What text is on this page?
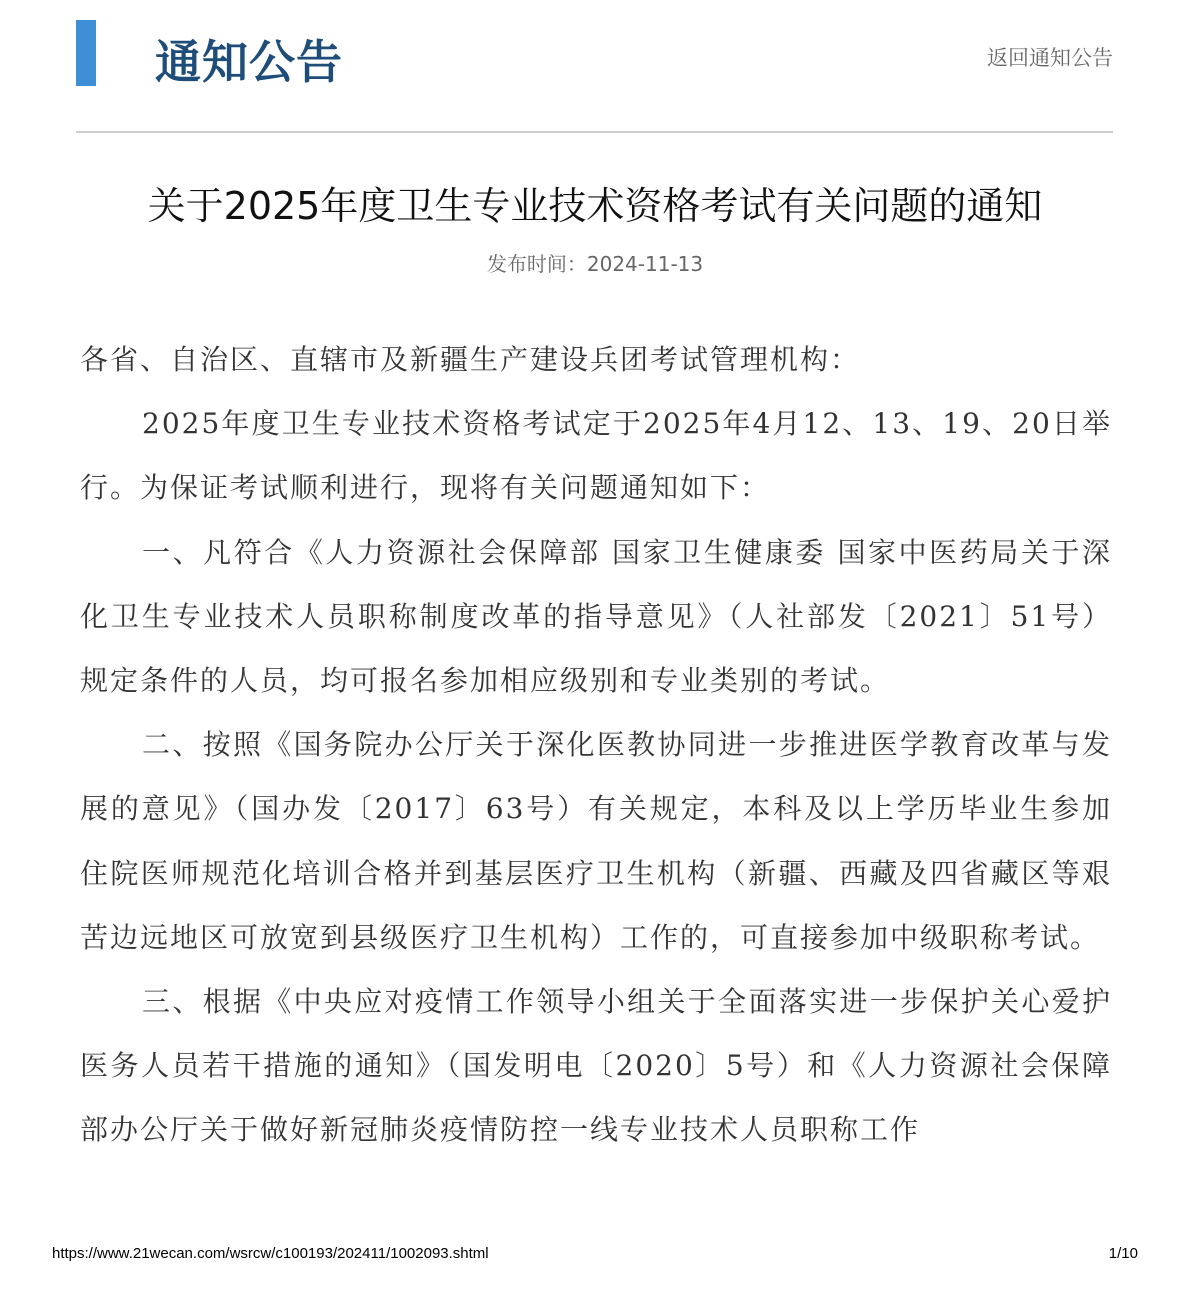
通知公告	返回通知公告
关于2025年度卫生专业技术资格考试有关问题的通知
发布时间：2024-11-13

各省、自治区、直辖市及新疆生产建设兵团考试管理机构：

2025年度卫生专业技术资格考试定于2025年4月12、13、19、20日举行。为保证考试顺利进行，现将有关问题通知如下：

一、凡符合《人力资源社会保障部 国家卫生健康委 国家中医药局关于深化卫生专业技术人员职称制度改革的指导意见》（人社部发〔2021〕51号）规定条件的人员，均可报名参加相应级别和专业类别的考试。

二、按照《国务院办公厅关于深化医教协同进一步推进医学教育改革与发展的意见》（国办发〔2017〕63号）有关规定，本科及以上学历毕业生参加住院医师规范化培训合格并到基层医疗卫生机构（新疆、西藏及四省藏区等艰苦边远地区可放宽到县级医疗卫生机构）工作的，可直接参加中级职称考试。

三、根据《中央应对疫情工作领导小组关于全面落实进一步保护关心爱护医务人员若干措施的通知》（国发明电〔2020〕5号）和《人力资源社会保障部办公厅关于做好新冠肺炎疫情防控一线专业技术人员职称工作

https://www.21wecan.com/wsrcw/c100193/202411/1002093.shtml	1/10
